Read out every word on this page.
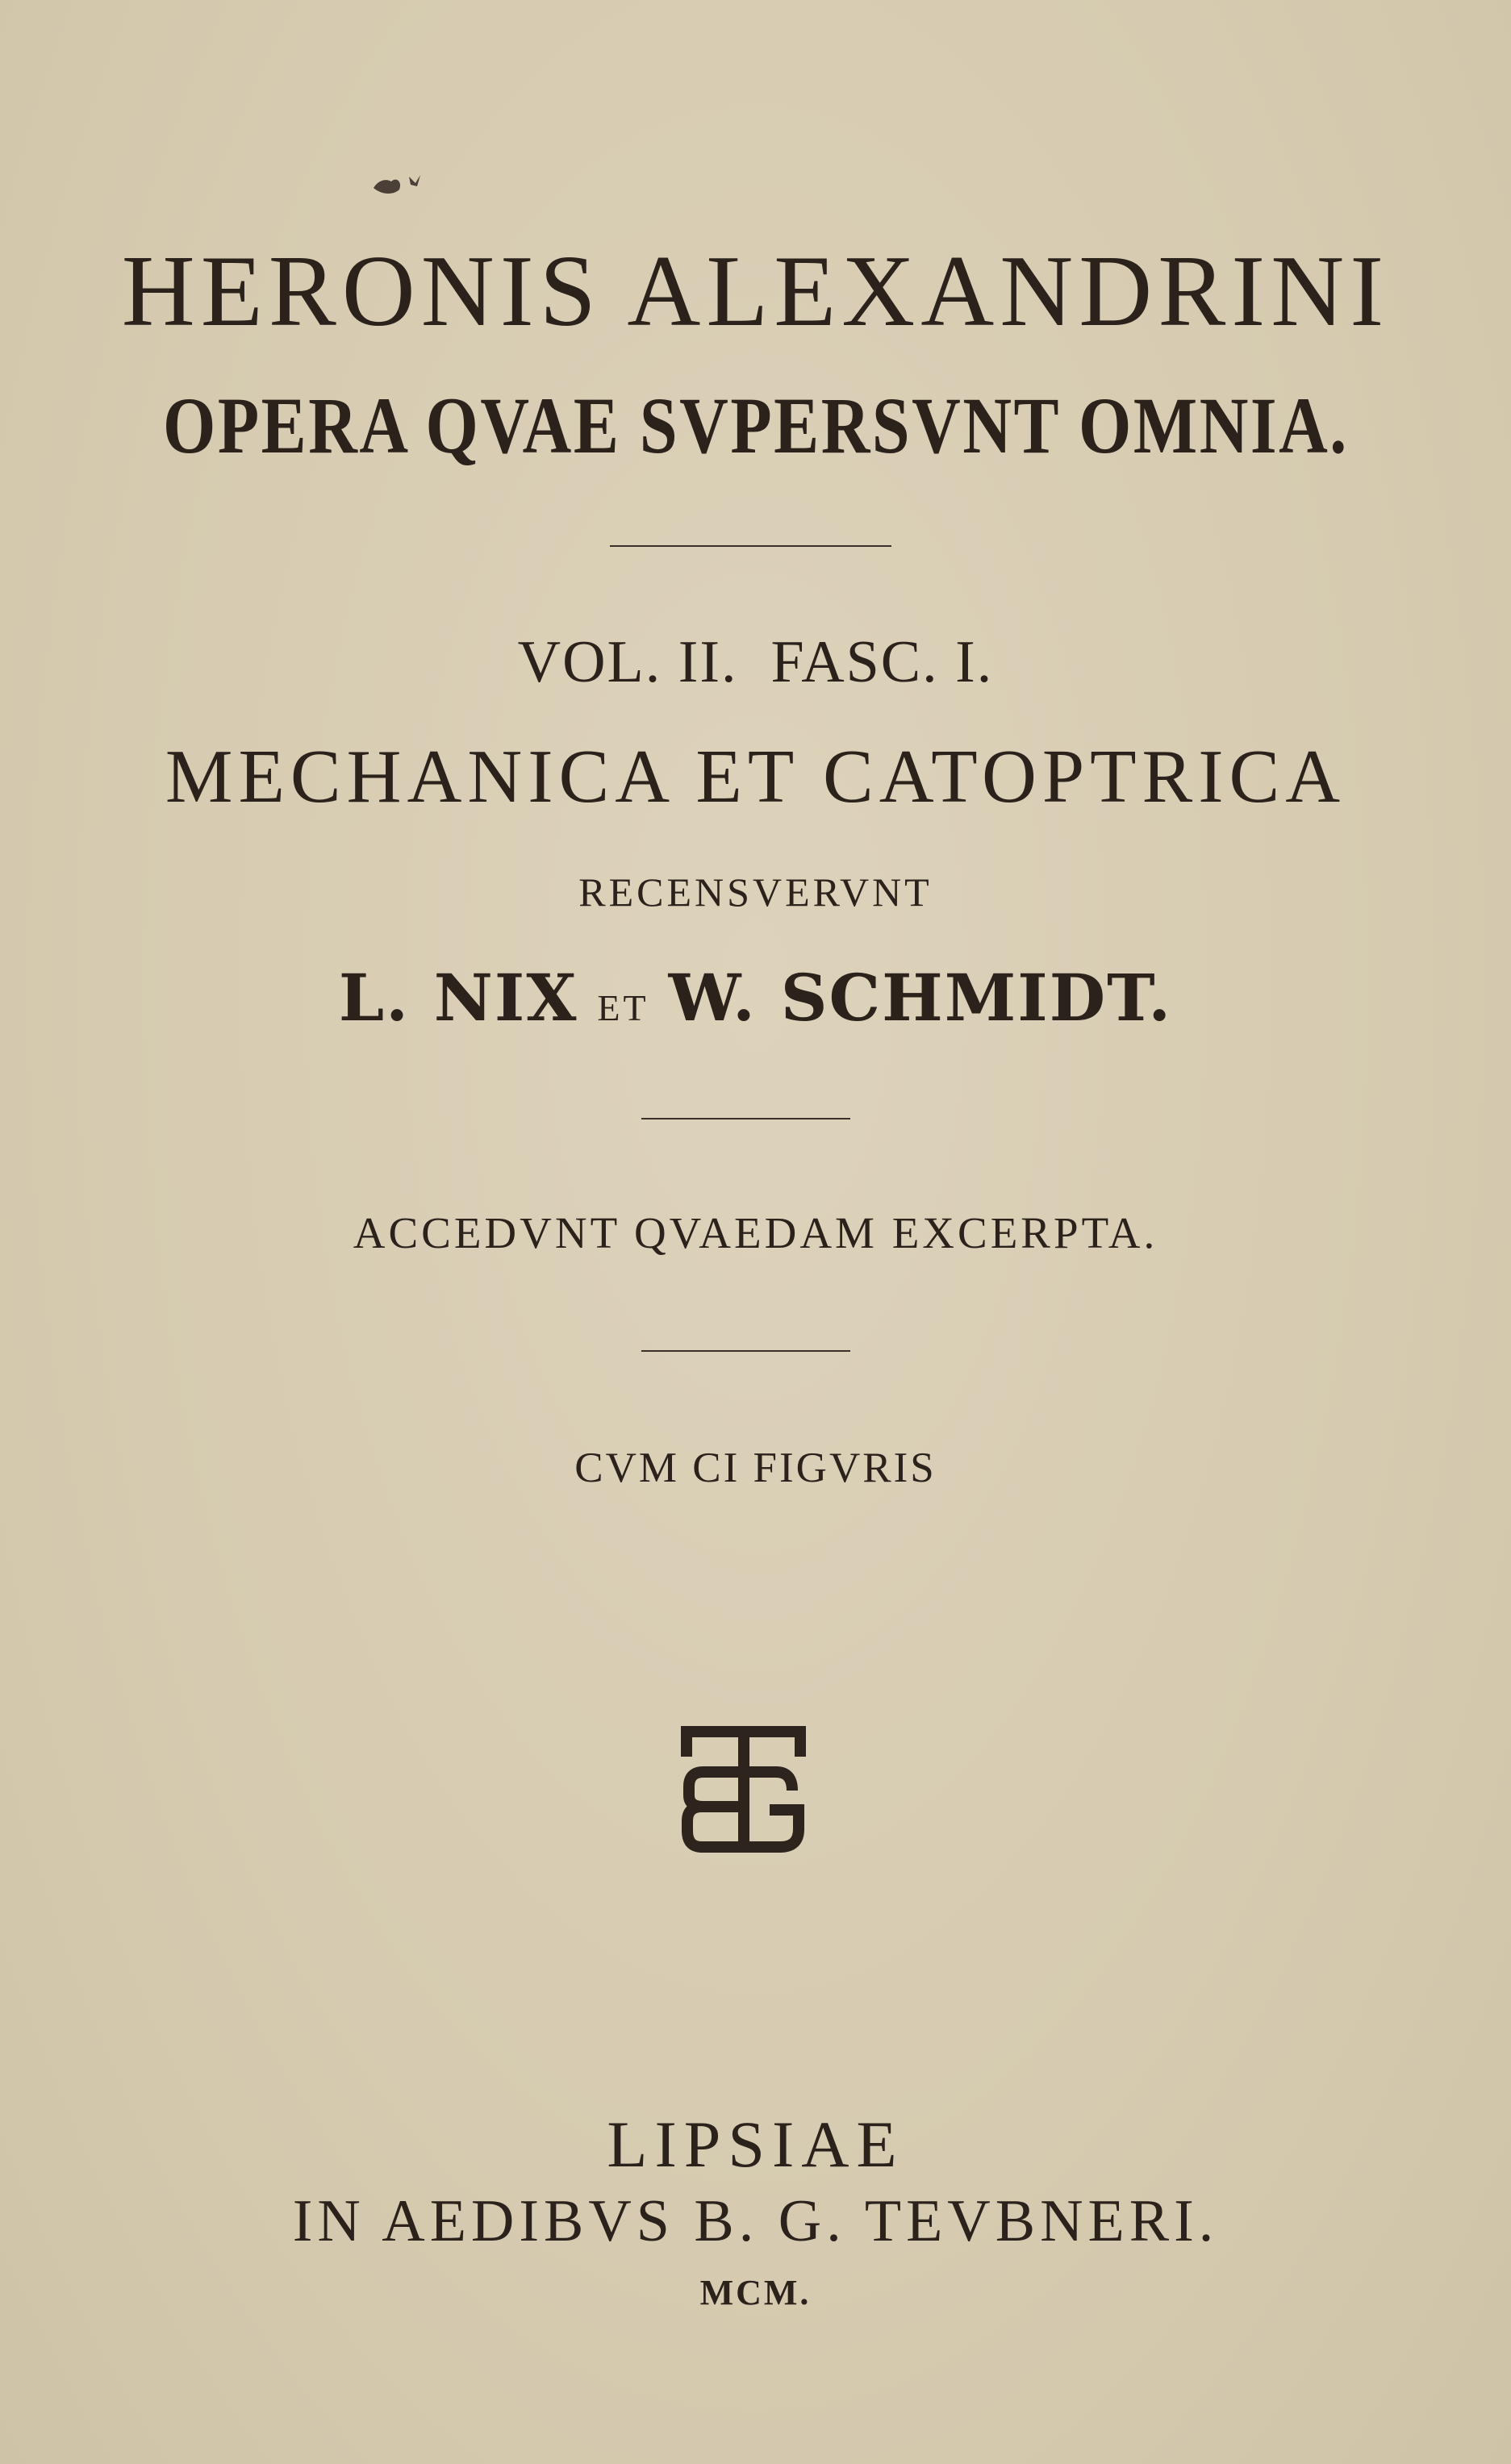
HERONIS ALEXANDRINI
OPERA QVAE SVPERSVNT OMNIA.
VOL. II.  FASC. I.
MECHANICA ET CATOPTRICA
RECENSVERVNT
L. NIX ET W. SCHMIDT.
ACCEDVNT QVAEDAM EXCERPTA.
CVM CI FIGVRIS
LIPSIAE
IN AEDIBVS B. G. TEVBNERI.
MCM.
